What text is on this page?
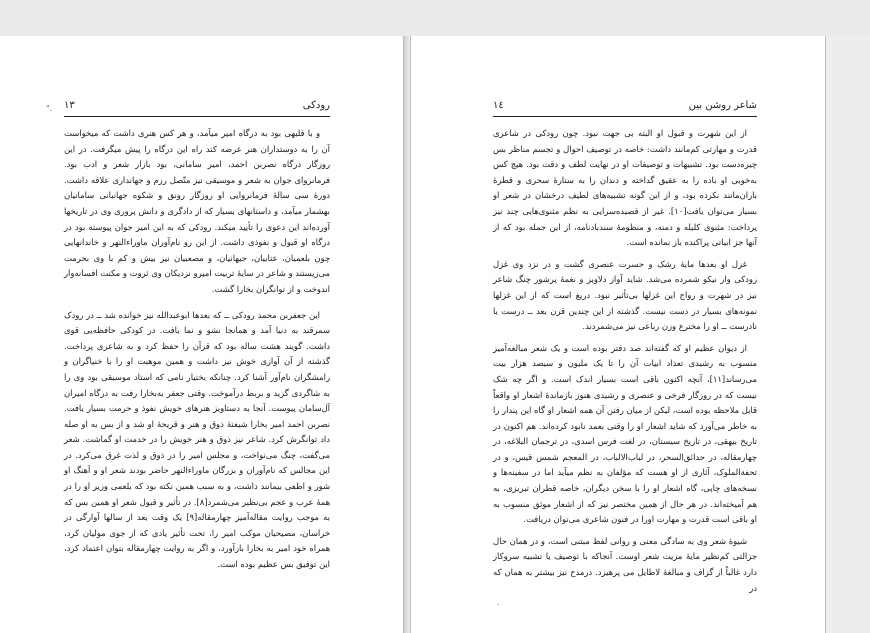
رودکی
۱۳
".

و با قلبهی بود به درگاه امیر میآمد، و هر کس هنری داشت که میخواست آن را به دوستداران هنر عرضه کند راه این درگاه را پیش میگرفت. در این روزگار درگاه نصربن احمد، امیر سامانی، بود بازار شعر و ادب بود. فرمانروای جوان به شعر و موسیقی نیز متّصل رزم و جهانداری علاقه داشت. دورهٔ سی سالهٔ فرمانروایی او روزگار رونق و شکوه جهانبانی سامانیان بهشمار میآمد، و داستانهای بسیار که از دادگری و دانش پروری وی در تاریخها آورده‌اند این دعوی را تأیید میکند. رودکی که به این امیر جوان پیوسته بود در درگاه او قبول و نفوذی داشت. از این رو نام‌آوران ماوراءالنهر و خاندانهایی چون بلعمیان، عتابیان، جیهانیان، و مصعبیان نیز بیش و کم با وی بحرمت می‌زیستند و شاعر در سایهٔ تربیت امیرو نزدیکان وی ثروت و مکنت افسانه‌وار اندوخت و از توانگران بخارا گشت.

این جعفربن محمد رودکی ــ که بعدها ابوعبدالله نیز خوانده شد ــ در رودک سمرقند به دنیا آمد و همانجا نشو و نما یافت. در کودکی حافظه‌یی قوی داشت. گویند هشت ساله بود که قرآن را حفظ کرد و به شاعری پرداخت. گذشته از آن آوازی خوش نیز داشت و همین موهبت او را با خنیاگران و رامشگران نام‌آور آشنا کرد. چنانکه بختیار نامی که استاد موسیقی بود وی را به شاگردی گزید و بربط درآموخت. وقتی جعفر به‌بخارا رفت به درگاه امیران آل‌سامان پیوست. آنجا به دستاویز هنرهای خویش نفوذ و حرمت بسیار یافت. نصربن احمد امیر بخارا شیفتهٔ ذوق و هنر و قریحهٔ او شد و از بس به او صله داد توانگرش کرد. شاعر نیز ذوق و هنر خویش را در خدمت او گماشت. شعر می‌گفت، چنگ می‌نواخت، و مجلس امیر را در ذوق و لذت غرق می‌کرد. در این مجالس که نام‌آوران و بزرگان ماوراءالنهر حاضر بودند شعر او و آهنگ او شور و اطفی بیمانند داشت، و به سبب همین نکته بود که بلعمی وزیر او را در همهٔ عرب و عجم بی‌نظیر می‌شمرد[۸]. در تأثیر و قبول شعر او همین بس که به موجب روایت مقاله‌آمیز چهارمقاله[۹] یک وقت بعد از سالها آوارگی در خراسان، مصیحبان موکب امیر را، تحت تأثیر یادی که از جوی مولیان کرد، همراه خود امیر به بخارا بازآورد، و اگر به روایت چهارمقاله بتوان اعتماد کرد، این توفیق بس عظیم بوده است.

شاعر روشن بین
۱٤

از این شهرت و قبول او البته بی جهت نبود. چون رودکی در شاعری قدرت و مهارتی کم‌مانند داشت: خاصه در توصیف احوال و تجسم مناظر بس چیره‌دست بود. تشبیهات و توصیفات او در نهایت لطف و دقت بود. هیچ کس به‌خوبی او باده را به عقیق گداخته و دندان را به ستارهٔ سحری و قطرهٔ باران‌مانند نکرده بود، و از این گونه تشبیه‌های لطیف درخشان در شعر او بسیار می‌توان یافت[۱۰]. غیر از قصیده‌سرایی به نظم مثنوی‌هایی چند نیز پرداخت: مثنوی کلیله و دمنه، و منظومهٔ سندبادنامه، از این جمله بود که از آنها جز ابیاتی پراکنده باز نمانده است.

غزل او بعدها مایهٔ رشک و حسرت عنصری گشت و در نزد وی غزل رودکی وار نیکو شمرده می‌شد. شاید آواز دلاویز و نغمهٔ پرشور چنگ شاعر نیز در شهرت و رواج این غزلها بی‌تأثیر نبود. دریغ است که از این غزلها نمونه‌های بسیار در دست نیست. گذشته از این چندین قرن بعد ــ درست یا نادرست ــ او را مخترع وزن رباعی نیز می‌شمردند.

از دیوان عظیم او که گفته‌اند صد دفتر بوده است و یک شعر مبالغه‌آمیز منسوب به رشیدی تعداد ابیات آن را تا یک ملیون و سیصد هزار بیت می‌رساند[۱۱]، آنچه اکنون باقی است بسیار اندک است. و اگر چه شک نیست که در روزگار فرخی و عنصری و رشیدی هنوز بازماندهٔ اشعار او واقعاً قابل ملاحظه بوده است، لیکن از میان رفتن آن همه اشعار او گاه این پندار را به خاطر می‌آورد که شاید اشعار او را وقتی بعمد نابود کرده‌اند. هم اکنون در تاریخ بیهقی، در تاریخ سیستان، در لغت فرس اسدی، در ترجمان البلاغه، در چهارمقاله، در حدائق‌السحر، در لباب‌الالباب، در المعجم شمس قیس، و در تحفة‌الملوک، آثاری از او هست که مؤلفان به نظم میآید اما در سفینه‌ها و نسخه‌های چاپی، گاه اشعار او را با سخن دیگران، خاصه قطران تبریزی، به هم آمیخته‌اند. در هر حال از همین مختصر نیز که از اشعار موثق منسوب به او باقی است قدرت و مهارت اورا در فنون شاعری می‌توان دریافت.

شیوهٔ شعر وی به سادگی معنی و روانی لفظ مبتنی است، و در همان حال جزالتی کم‌نظیر مایهٔ مزیت شعر اوست. آنجاکه با توصیف یا تشبیه سروکار دارد غالباً از گزاف و مبالغهٔ لاطایل می پرهیزد. درمدح نیز بیشتر به همان که در

.
